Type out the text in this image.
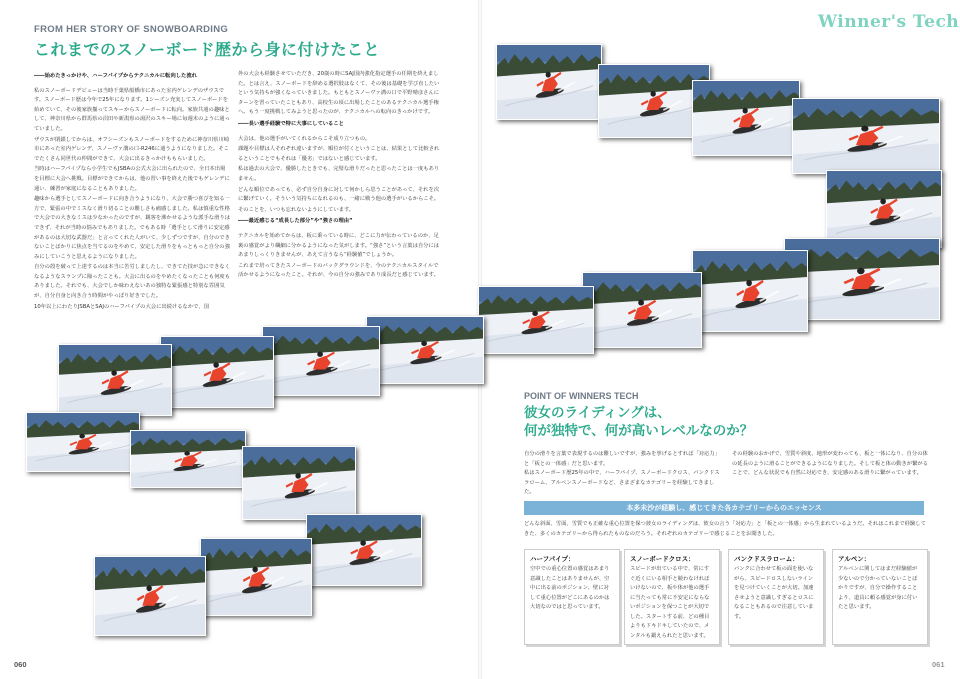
Winner's Tech
FROM HER STORY OF SNOWBOARDING
これまでのスノーボード歴から身に付けたこと

――始めたきっかけや、ハーフパイプからテクニカルに転向した流れ

私のスノーボードデビューは当時千葉県船橋市にあった室内ゲレンデのザウスです。スノーボード歴は今年で25年になります。1シーズン充実してスノーボードを始めていて、その後家族揃ってスキーからスノーボードに転向。家族共通の趣味として、神奈川県から群馬県の沼田や新潟県の湯沢のスキー場に毎週末のように通っていました。

ザウスが閉鎖してからは、オフシーズンもスノーボードをするために神奈川県川崎市にあった室内ゲレンデ、スノーヴァ溝の口-R246に通うようになりました。そこでたくさん同世代の仲間ができて、大会に出るきっかけももらいました。

当時はハーフパイプなら小学生でもJSBAの公式大会に出られたので、全日本出場を目標に大会へ挑戦。目標ができてからは、他の習い事を終えた後でもゲレンデに通い、練習が家庭になることもありました。

趣味から選手としてスノーボードに向き合うようになり、大会で勝つ喜びを知る一方で、緊張の中でミスなく滑り切ることの難しさも痛感しました。私は慎重な性格で大会での大きなミスは少なかったのですが、観客を沸かせるような派手な滑りはできず、それが当時の悩みでもありました。でもある時「選手として滑りに安定感があるのは大切な武器だ」と言ってくれた人がいて、少しずつですが、自分のできないことばかりに焦点を当てるのをやめて、安定した滑りをもっともっと自分の強みにしていこうと思えるようになりました。

自分の殻を破って上達するのは本当に苦労しましたし、できてた技が急にできなくなるようなスランプに陥ったことも。大会に出るのをやめたくなったことも何度もありました。それでも、大会でしか味わえないあの独特な緊張感と特別な雰囲気が、自分自身と向き合う時間がやっぱり好きでした。

10年以上にわたりJSBAとSAJのハーフパイプの大会に出続けるなかで、国

外の大会も経験させていただき、20歳の時にSAJ国内強化指定選手の任期を終えました。とは言え、スノーボードを辞める選択肢はなくて、その後は基礎を学び直したいという気持ちが強くなっていきました。もともとスノーヴァ溝の口で平野晴彦さんにターンを習っていたこともあり、高校生の頃に出場したことのあるテクニカル選手権へ。もう一度挑戦してみようと思ったのが、テクニカルへの転向のきっかけです。

――長い選手経験で特に大事にしていること

大会は、他の選手がいてくれるからこそ成り立つもの。

課題や目標は人それぞれ違いますが、順位が付くということは、結果として比較されるということでもそれは「優劣」ではないと感じています。

私は過去の大会で、優勝したときでも、完璧な滑りだったと思ったことは一度もありません。

どんな順位であっても、必ず自分自身に対して何かしら思うことがあって、それを次に繋げていく。そういう気持ちになれるのも、一緒に戦う他の選手がいるからこそ。

そのことを、いつも忘れないようにしています。

――最近感じる“成長した部分”や“強さの理由”

テクニカルを始めてからは、板に乗っている時に、どこに力が伝わっているのか、足裏の感覚がより繊細に分かるようになった気がします。“強さ”という言葉は自分にはあまりしっくりきませんが、あえて言うなら“経験値”でしょうか。

これまで培ってきたスノーボードのバックグラウンドを、今のテクニカルスタイルで活かせるようになったこと。それが、今の自分の強みであり成長だと感じています。

POINT OF WINNERS TECH
彼女のライディングは、
何が独特で、何が高いレベルなのか？

自分の滑りを言葉で表現するのは難しいですが、強みを挙げるとすれば「対応力」と「板との一体感」だと思います。
私はスノーボード歴25年の中で、ハーフパイプ、スノーボードクロス、バンクドスラローム、アルペンスノーボードなど、さまざまなカテゴリーを経験してきました。

その経験のおかげで、雪質や斜度、地形が変わっても、板と一体になり、自分の体の延長のように滑ることができるようになりました。そして板と体の動きが繋がることで、どんな状況でも自然に対応でき、安定感のある滑りに繋がっています。

本多未沙が経験し、感じてきた各カテゴリーからのエッセンス
どんな斜面、雪面、雪質でも正確な重心位置を保つ彼女のライディングは、彼女の言う「対応力」と「板との一体感」から生まれているようだ。それはこれまで経験してきた、多くのカテゴリーから得られたものなのだろう。それぞれのカテゴリーで感じることをお聞きした。
ハーフパイプ：
空中での重心位置の感覚はあまり意識したことはありませんが、空中に出る前のポジション、壁に対して重心位置がどこにあるのかは大切なのではと思っています。
スノーボードクロス：
スピードが出ている中で、常にすぐ近くにいる相手と競わなければいけないので、板や体が他の選手に当たっても常に不安定にならないポジションを保つことが大切でした。スタートする前、どの種目よりもドキドキしていたので、メンタルも鍛えられたと思います。
バンクドスラローム：
バンクに合わせて板の面を使いながら、スピードロスしないラインを見つけていくことが大切。加速させようと意識しすぎるとロスになることもあるので注意しています。
アルペン：
アルペンに関してはまだ経験値が少ないので分かっていないことばかりですが、自分で操作することより、道具に頼る感覚が身に付いたと思います。
060	061
